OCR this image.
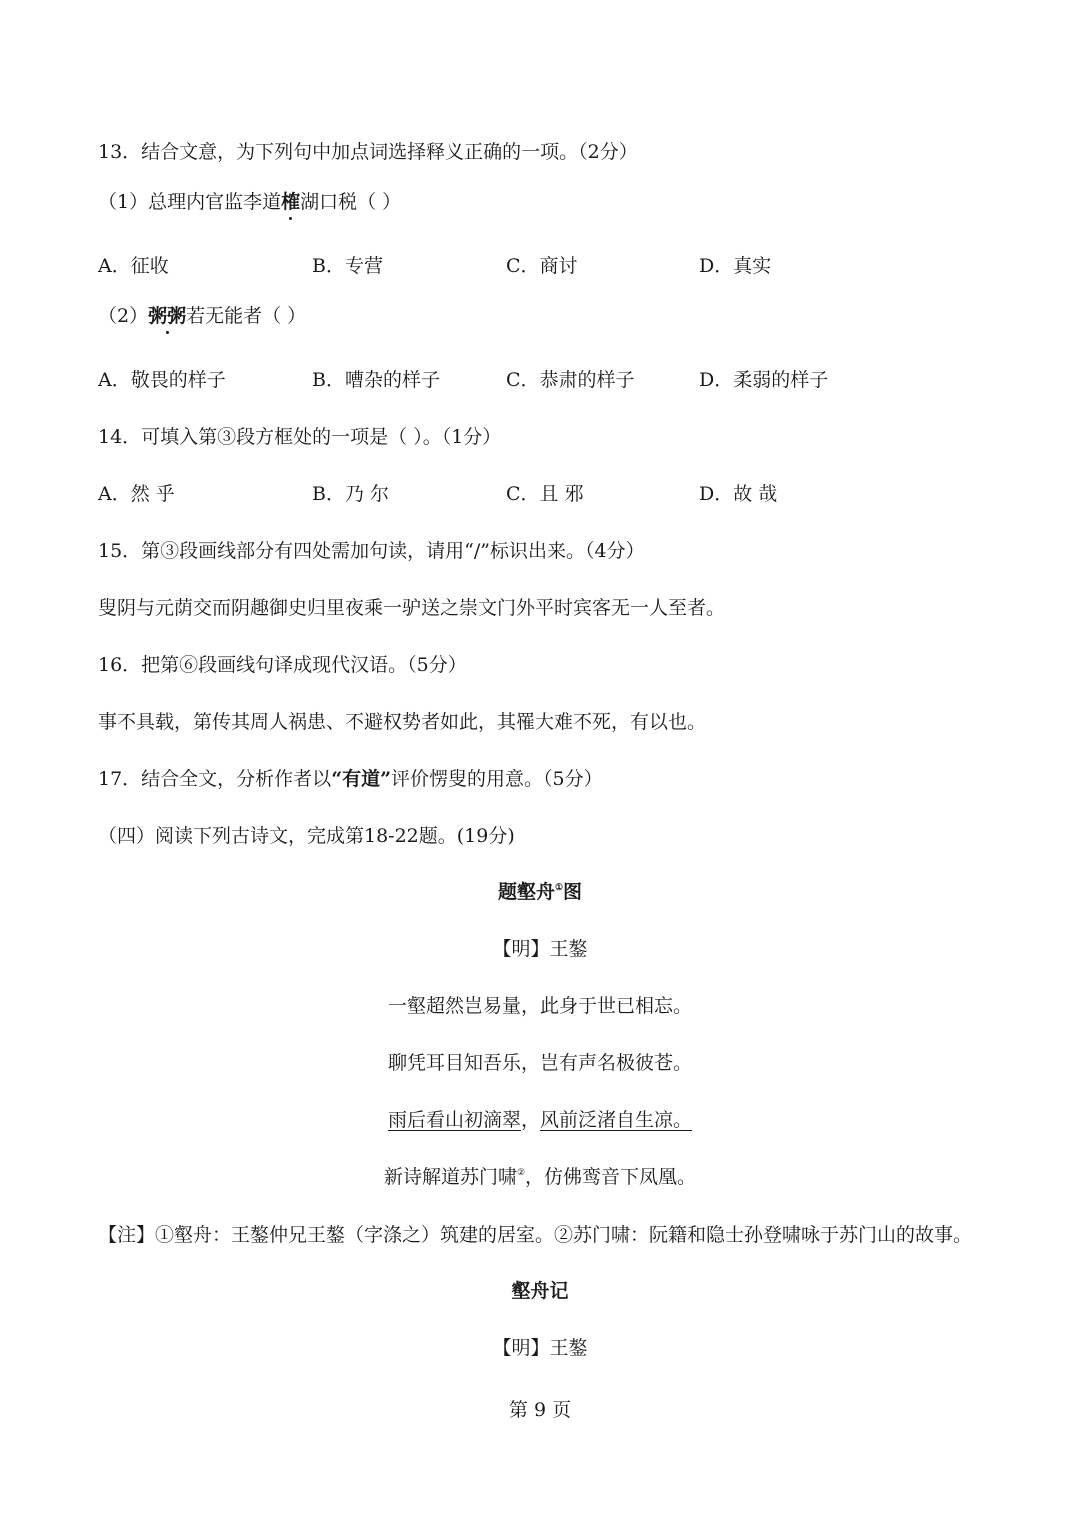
13．结合文意，为下列句中加点词选择释义正确的一项。（2分）
（1）总理内官监李道榷湖口税（ ）
A．征收	B．专营	C．商讨	D．真实
（2）粥粥若无能者（ ）
A．敬畏的样子	B．嘈杂的样子	C．恭肃的样子	D．柔弱的样子
14．可填入第③段方框处的一项是（ ）。（1分）
A．然 乎	B．乃 尔	C．且 邪	D．故 哉
15．第③段画线部分有四处需加句读，请用“/”标识出来。（4分）
叟阴与元荫交而阴趣御史归里夜乘一驴送之崇文门外平时宾客无一人至者。
16．把第⑥段画线句译成现代汉语。（5分）
事不具载，第传其周人祸患、不避权势者如此，其罹大难不死，有以也。
17．结合全文，分析作者以“有道”评价愣叟的用意。（5分）
（四）阅读下列古诗文，完成第18-22题。(19分)
题壑舟①图
【明】王鏊
一壑超然岂易量，此身于世已相忘。
聊凭耳目知吾乐，岂有声名极彼苍。
雨后看山初滴翠，风前泛渚自生凉。
新诗解道苏门啸②，仿佛鸾音下凤凰。
【注】①壑舟：王鏊仲兄王鏊（字涤之）筑建的居室。②苏门啸：阮籍和隐士孙登啸咏于苏门山的故事。
壑舟记
【明】王鏊
第 9 页
